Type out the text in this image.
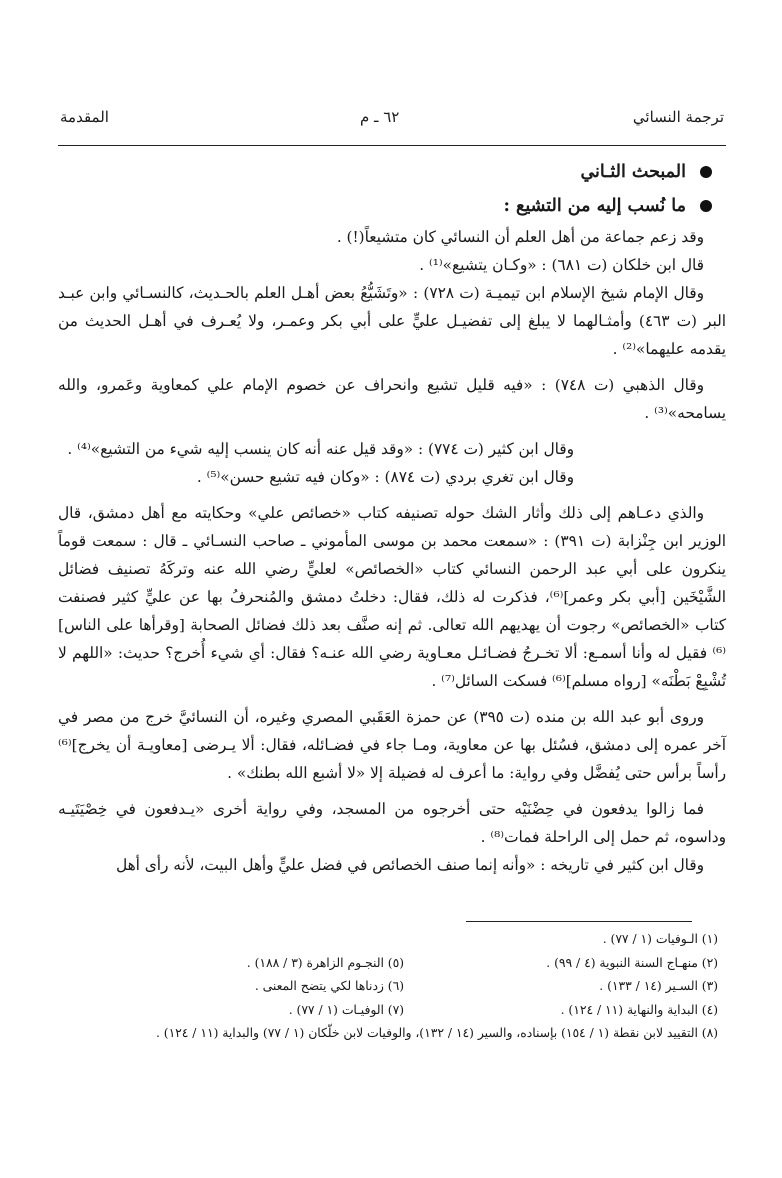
ترجمة النسائي
٦٢ ـ م
المقدمة
المبحث الثـاني
ما نُسب إليه من التشيع :

وقد زعم جماعة من أهل العلم أن النسائي كان متشيعاً(!) .

قال ابن خلكان (ت ٦٨١) : «وكـان يتشيع»⁽¹⁾ .

وقال الإمام شيخ الإسلام ابن تيميـة (ت ٧٢٨) : «وتَشَيُّعُ بعض أهـل العلم بالحـديث، كالنسـائي وابن عبـد البر (ت ٤٦٣) وأمثـالهما لا يبلغ إلى تفضيـل عليٍّ على أبي بكر وعمـر، ولا يُعـرف في أهـل الحديث من يقدمه عليهما»⁽²⁾ .

وقال الذهبي (ت ٧٤٨) : «فيه قليل تشيع وانحراف عن خصوم الإمام علي كمعاوية وعَمرو، والله يسامحه»⁽³⁾ .

وقال ابن كثير (ت ٧٧٤) : «وقد قيل عنه أنه كان ينسب إليه شيء من التشيع»⁽⁴⁾ .

وقال ابن تغري بردي (ت ٨٧٤) : «وكان فيه تشيع حسن»⁽⁵⁾ .

والذي دعـاهم إلى ذلك وأثار الشك حوله تصنيفه كتاب «خصائص علي» وحكايته مع أهل دمشق، قال الوزير ابن جِنْزابة (ت ٣٩١) : «سمعت محمد بن موسى المأموني ـ صاحب النسـائي ـ قال : سمعت قوماً ينكرون على أبي عبد الرحمن النسائي كتاب «الخصائص» لعليٍّ رضي الله عنه وتركَهُ تصنيف فضائل الشَّيْخَين [أبي بكر وعمر]⁽⁶⁾، فذكرت له ذلك، فقال: دخلتُ دمشق والمُنحرفُ بها عن عليٍّ كثير فصنفت كتاب «الخصائص» رجوت أن يهديهم الله تعالى. ثم إنه صنَّف بعد ذلك فضائل الصحابة [وقرأها على الناس]⁽⁶⁾ فقيل له وأنا أسمـع: ألا تخـرجُ فضـائـل معـاوية رضي الله عنـه؟ فقال: أي شيء أُخرج؟ حديث: «اللهم لا تُشْبِعْ بَطْنَه» [رواه مسلم]⁽⁶⁾ فسكت السائل⁽⁷⁾ .

وروى أبو عبد الله بن منده (ت ٣٩٥) عن حمزة العَقَبي المصري وغيره، أن النسائيَّ خرج من مصر في آخر عمره إلى دمشق، فسُئل بها عن معاوية، ومـا جاء في فضـائله، فقال: ألا يـرضى [معاويـة أن يخرج]⁽⁶⁾ رأساً برأس حتى يُفضَّل وفي رواية: ما أعرف له فضيلة إلا «لا أشبع الله بطنك» .

فما زالوا يدفعون في حِضْنَيْه حتى أخرجوه من المسجد، وفي رواية أخرى «يـدفعون في خِصْيَتَيـه وداسوه، ثم حمل إلى الراحلة فمات⁽⁸⁾ .

وقال ابن كثير في تاريخه : «وأنه إنما صنف الخصائص في فضل عليٍّ وأهل البيت، لأنه رأى أهل

(١) الـوفيات (١ / ٧٧) .
(٢) منهـاج السنة النبوية (٤ / ٩٩) .
(٥) النجـوم الزاهرة (٣ / ١٨٨) .
(٣) السـير (١٤ / ١٣٣) .
(٦) زدناها لكي يتضح المعنى .
(٤) البداية والنهاية (١١ / ١٢٤) .
(٧) الوفيـات (١ / ٧٧) .
(٨) التقييد لابن نقطة (١ / ١٥٤) بإسناده، والسير (١٤ / ١٣٢)، والوفيات لابن خلّكان (١ / ٧٧) والبداية (١١ / ١٢٤) .
